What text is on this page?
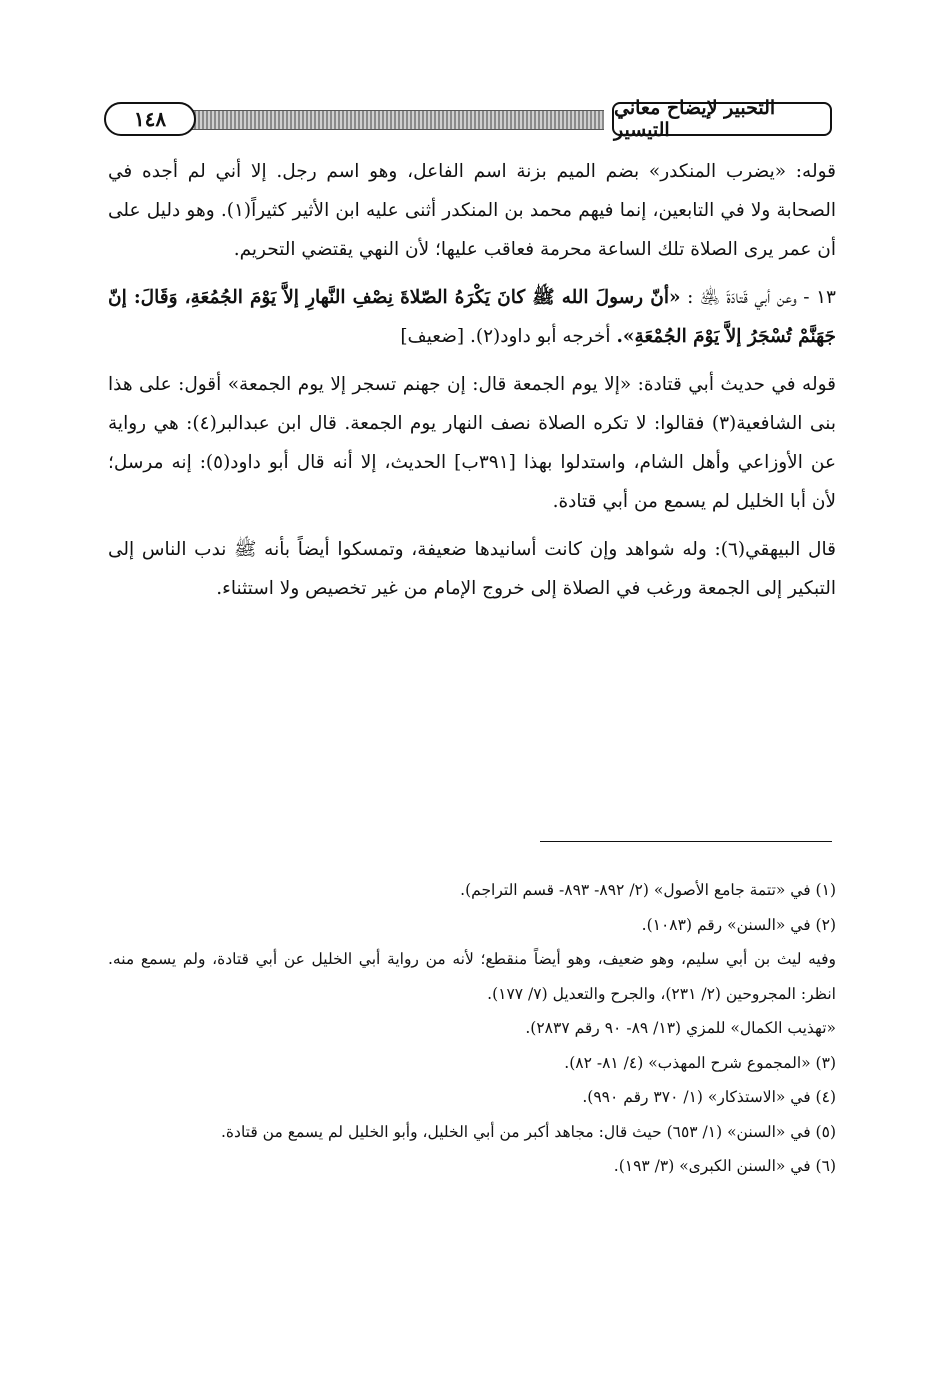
التحبير لإيضاح معاني التيسير
١٤٨

قوله: «يضرب المنكدر» بضم الميم بزنة اسم الفاعل، وهو اسم رجل. إلا أني لم أجده في الصحابة ولا في التابعين، إنما فيهم محمد بن المنكدر أثنى عليه ابن الأثير كثيراً(١). وهو دليل على أن عمر يرى الصلاة تلك الساعة محرمة فعاقب عليها؛ لأن النهي يقتضي التحريم.

١٣ - وعن أبي قَتادَةَ ﵁ : «أنّ رسولَ الله ﷺ كانَ يَكْرَهُ الصّلاةَ نِصْفِ النَّهارِ إلاَّ يَوْمَ الجُمُعَةِ، وَقَالَ: إنّ جَهَنَّمْ تُسْجَرُ إلاَّ يَوْمَ الجُمْعَةِ». أخرجه أبو داود(٢). [ضعيف]

قوله في حديث أبي قتادة: «إلا يوم الجمعة قال: إن جهنم تسجر إلا يوم الجمعة» أقول: على هذا بنى الشافعية(٣) فقالوا: لا تكره الصلاة نصف النهار يوم الجمعة. قال ابن عبدالبر(٤): هي رواية عن الأوزاعي وأهل الشام، واستدلوا بهذا [٣٩١ب] الحديث، إلا أنه قال أبو داود(٥): إنه مرسل؛ لأن أبا الخليل لم يسمع من أبي قتادة.

قال البيهقي(٦): وله شواهد وإن كانت أسانيدها ضعيفة، وتمسكوا أيضاً بأنه ﷺ ندب الناس إلى التبكير إلى الجمعة ورغب في الصلاة إلى خروج الإمام من غير تخصيص ولا استثناء.

(١) في «تتمة جامع الأصول» (٢/ ٨٩٢- ٨٩٣- قسم التراجم).

(٢) في «السنن» رقم (١٠٨٣).

وفيه ليث بن أبي سليم، وهو ضعيف، وهو أيضاً منقطع؛ لأنه من رواية أبي الخليل عن أبي قتادة، ولم يسمع منه. انظر: المجروحين (٢/ ٢٣١)، والجرح والتعديل (٧/ ١٧٧).

«تهذيب الكمال» للمزي (١٣/ ٨٩- ٩٠ رقم ٢٨٣٧).

(٣) «المجموع شرح المهذب» (٤/ ٨١- ٨٢).

(٤) في «الاستذكار» (١/ ٣٧٠ رقم ٩٩٠).

(٥) في «السنن» (١/ ٦٥٣) حيث قال: مجاهد أكبر من أبي الخليل، وأبو الخليل لم يسمع من قتادة.

(٦) في «السنن الكبرى» (٣/ ١٩٣).
